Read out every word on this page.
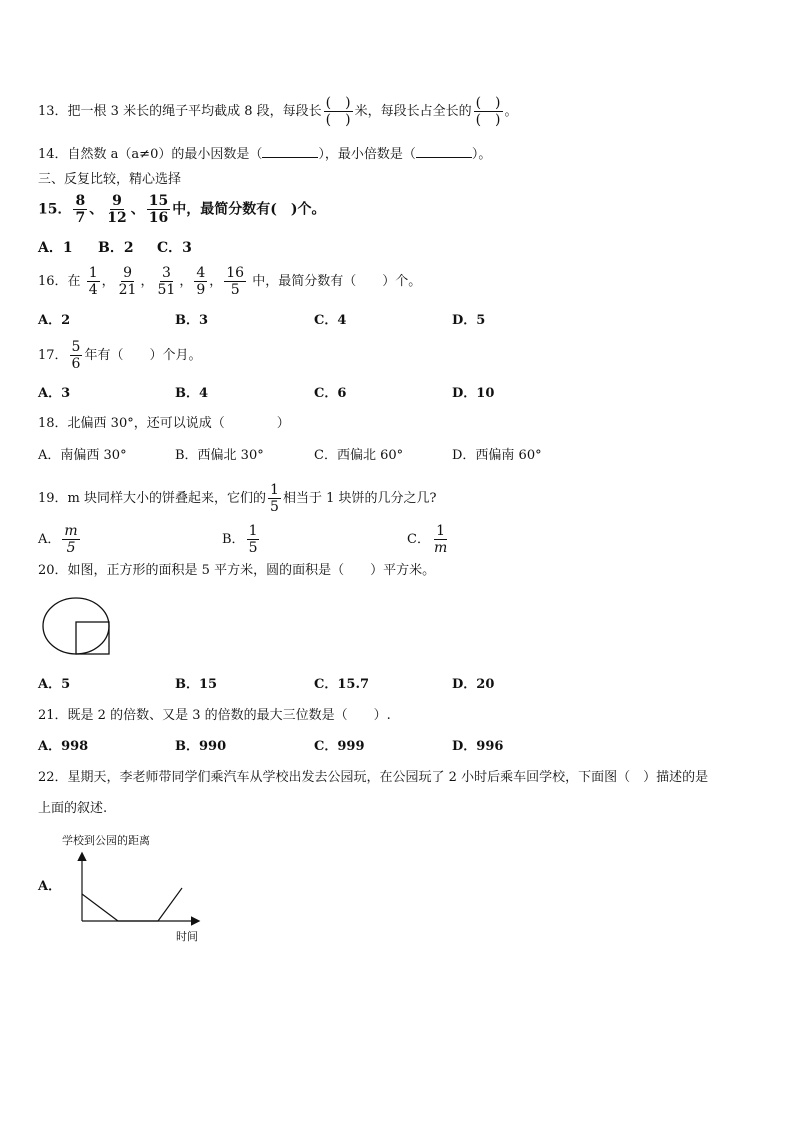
13．把一根 3 米长的绳子平均截成 8 段，每段长 $\frac{( )}{( )}$ 米，每段长占全长的 $\frac{( )}{( )}$ 。
14．自然数 a（a≠0）的最小因数是（	），最小倍数是（	）。
三、反复比较，精心选择
15． $\frac{8}{7}$ 、 $\frac{9}{12}$ 、 $\frac{15}{16}$ 中，最简分数有(　)个。
A．1 B．2 C．3
16．在 $\frac{1}{4}$ ， $\frac{9}{21}$ ， $\frac{3}{51}$ ， $\frac{4}{9}$ ， $\frac{16}{5}$ 中，最简分数有（　　）个。
A．2	B．3	C．4	D．5
17． $\frac{5}{6}$ 年有（　　）个月。
A．3	B．4	C．6	D．10
18．北偏西 30°，还可以说成（　　　　）
A．南偏西 30°	B．西偏北 30°	C．西偏北 60°	D．西偏南 60°
19．m 块同样大小的饼叠起来，它们的 $\frac{1}{5}$ 相当于 1 块饼的几分之几?
A． $\frac{m}{5}$	B． $\frac{1}{5}$	C． $\frac{1}{m}$
20．如图，正方形的面积是 5 平方米，圆的面积是（　　）平方米。
A．5	B．15	C．15.7	D．20
21．既是 2 的倍数、又是 3 的倍数的最大三位数是（　　）.
A．998	B．990	C．999	D．996
22．星期天，李老师带同学们乘汽车从学校出发去公园玩，在公园玩了 2 小时后乘车回学校，下面图（　）描述的是
上面的叙述.
A．
学校到公园的距离
时间
